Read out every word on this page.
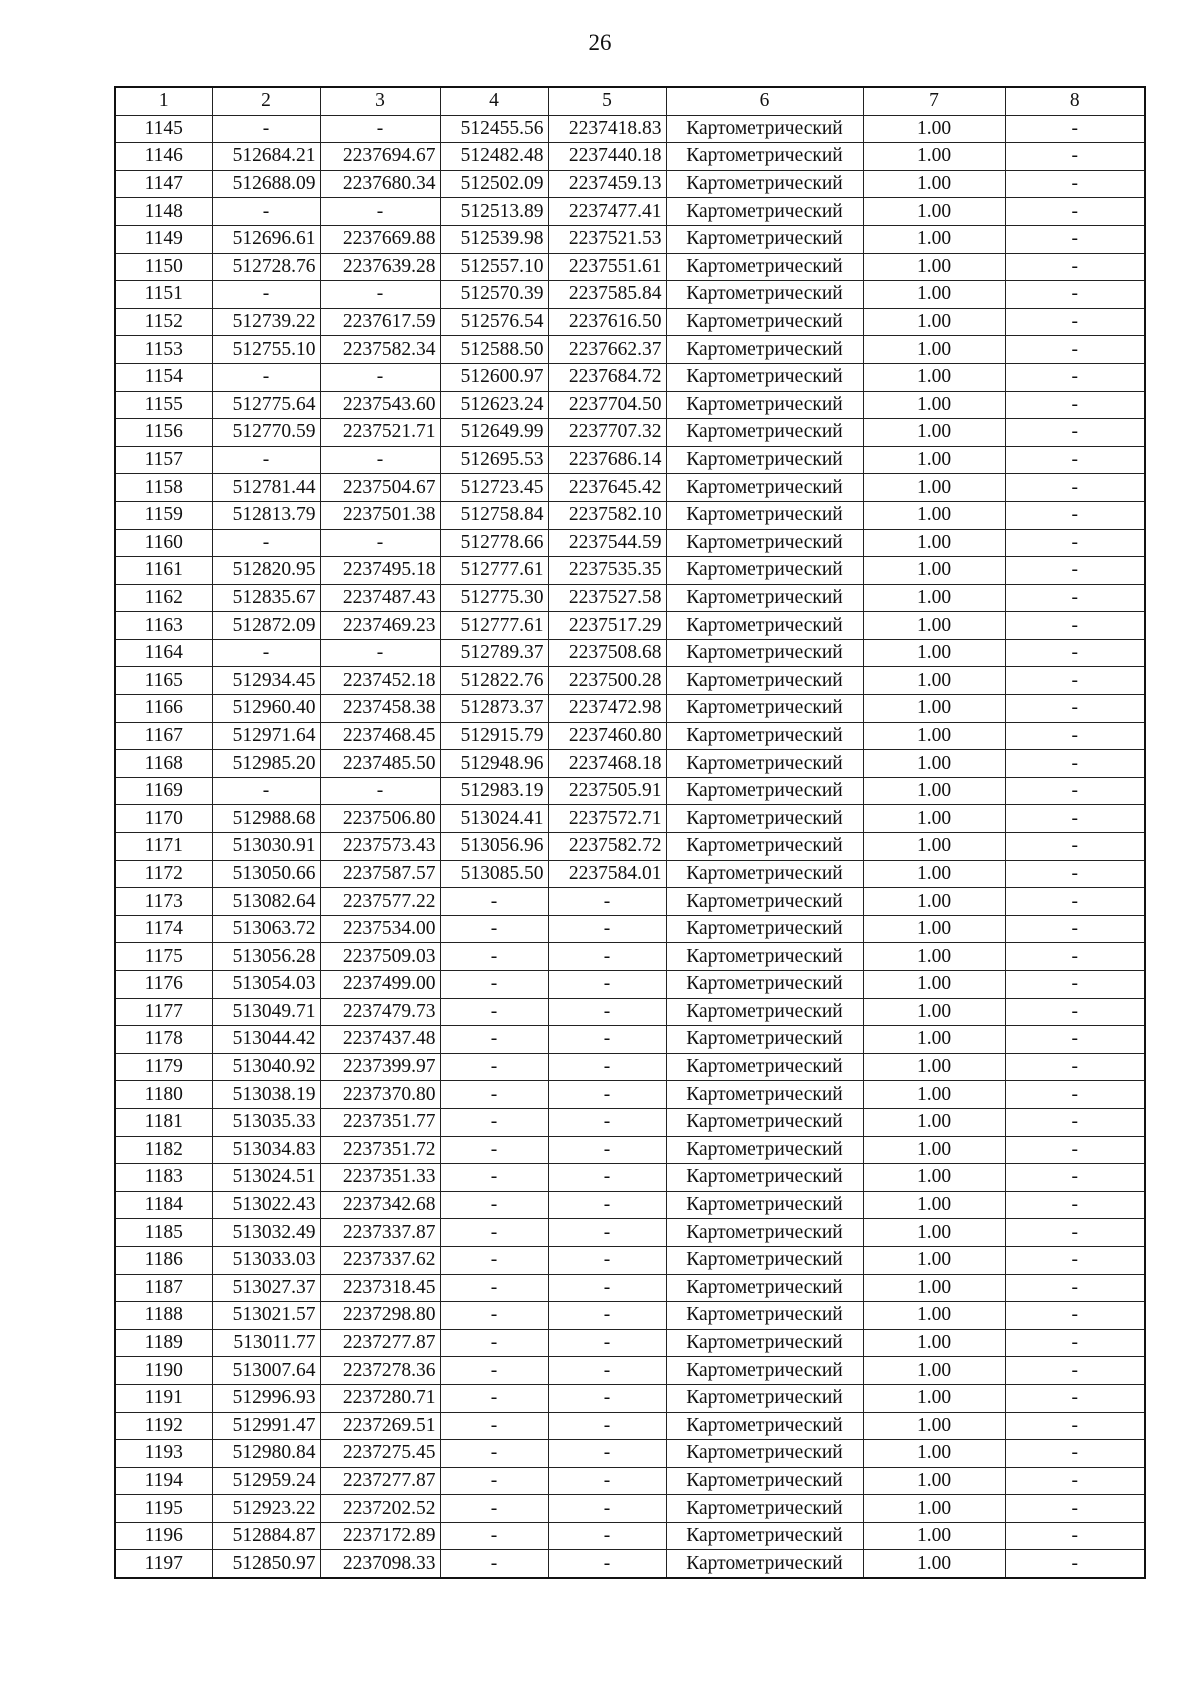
26
1	2	3	4	5	6	7	8
1145	-	-	512455.56	2237418.83	Картометрический	1.00	-
1146	512684.21	2237694.67	512482.48	2237440.18	Картометрический	1.00	-
1147	512688.09	2237680.34	512502.09	2237459.13	Картометрический	1.00	-
1148	-	-	512513.89	2237477.41	Картометрический	1.00	-
1149	512696.61	2237669.88	512539.98	2237521.53	Картометрический	1.00	-
1150	512728.76	2237639.28	512557.10	2237551.61	Картометрический	1.00	-
1151	-	-	512570.39	2237585.84	Картометрический	1.00	-
1152	512739.22	2237617.59	512576.54	2237616.50	Картометрический	1.00	-
1153	512755.10	2237582.34	512588.50	2237662.37	Картометрический	1.00	-
1154	-	-	512600.97	2237684.72	Картометрический	1.00	-
1155	512775.64	2237543.60	512623.24	2237704.50	Картометрический	1.00	-
1156	512770.59	2237521.71	512649.99	2237707.32	Картометрический	1.00	-
1157	-	-	512695.53	2237686.14	Картометрический	1.00	-
1158	512781.44	2237504.67	512723.45	2237645.42	Картометрический	1.00	-
1159	512813.79	2237501.38	512758.84	2237582.10	Картометрический	1.00	-
1160	-	-	512778.66	2237544.59	Картометрический	1.00	-
1161	512820.95	2237495.18	512777.61	2237535.35	Картометрический	1.00	-
1162	512835.67	2237487.43	512775.30	2237527.58	Картометрический	1.00	-
1163	512872.09	2237469.23	512777.61	2237517.29	Картометрический	1.00	-
1164	-	-	512789.37	2237508.68	Картометрический	1.00	-
1165	512934.45	2237452.18	512822.76	2237500.28	Картометрический	1.00	-
1166	512960.40	2237458.38	512873.37	2237472.98	Картометрический	1.00	-
1167	512971.64	2237468.45	512915.79	2237460.80	Картометрический	1.00	-
1168	512985.20	2237485.50	512948.96	2237468.18	Картометрический	1.00	-
1169	-	-	512983.19	2237505.91	Картометрический	1.00	-
1170	512988.68	2237506.80	513024.41	2237572.71	Картометрический	1.00	-
1171	513030.91	2237573.43	513056.96	2237582.72	Картометрический	1.00	-
1172	513050.66	2237587.57	513085.50	2237584.01	Картометрический	1.00	-
1173	513082.64	2237577.22	-	-	Картометрический	1.00	-
1174	513063.72	2237534.00	-	-	Картометрический	1.00	-
1175	513056.28	2237509.03	-	-	Картометрический	1.00	-
1176	513054.03	2237499.00	-	-	Картометрический	1.00	-
1177	513049.71	2237479.73	-	-	Картометрический	1.00	-
1178	513044.42	2237437.48	-	-	Картометрический	1.00	-
1179	513040.92	2237399.97	-	-	Картометрический	1.00	-
1180	513038.19	2237370.80	-	-	Картометрический	1.00	-
1181	513035.33	2237351.77	-	-	Картометрический	1.00	-
1182	513034.83	2237351.72	-	-	Картометрический	1.00	-
1183	513024.51	2237351.33	-	-	Картометрический	1.00	-
1184	513022.43	2237342.68	-	-	Картометрический	1.00	-
1185	513032.49	2237337.87	-	-	Картометрический	1.00	-
1186	513033.03	2237337.62	-	-	Картометрический	1.00	-
1187	513027.37	2237318.45	-	-	Картометрический	1.00	-
1188	513021.57	2237298.80	-	-	Картометрический	1.00	-
1189	513011.77	2237277.87	-	-	Картометрический	1.00	-
1190	513007.64	2237278.36	-	-	Картометрический	1.00	-
1191	512996.93	2237280.71	-	-	Картометрический	1.00	-
1192	512991.47	2237269.51	-	-	Картометрический	1.00	-
1193	512980.84	2237275.45	-	-	Картометрический	1.00	-
1194	512959.24	2237277.87	-	-	Картометрический	1.00	-
1195	512923.22	2237202.52	-	-	Картометрический	1.00	-
1196	512884.87	2237172.89	-	-	Картометрический	1.00	-
1197	512850.97	2237098.33	-	-	Картометрический	1.00	-
